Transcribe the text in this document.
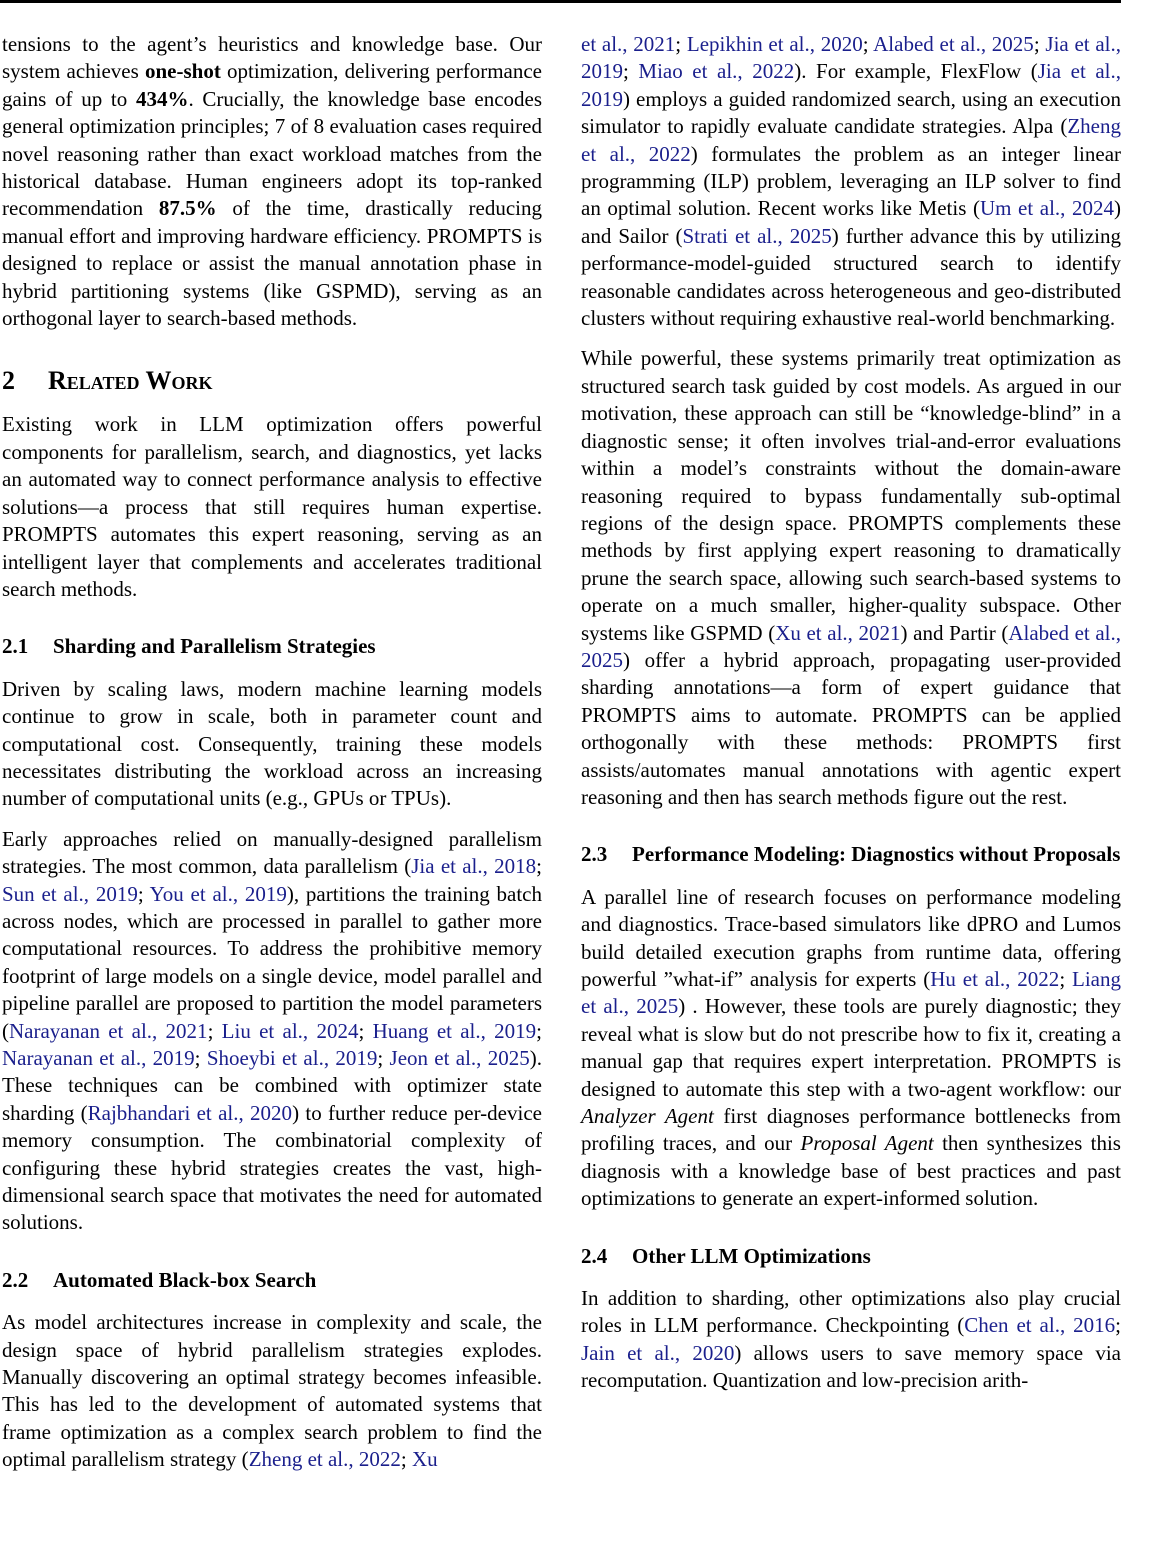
tensions to the agent’s heuristics and knowledge base. Our system achieves one-shot optimization, delivering performance gains of up to 434%. Crucially, the knowledge base encodes general optimization principles; 7 of 8 evaluation cases required novel reasoning rather than exact workload matches from the historical database. Human engineers adopt its top-ranked recommendation 87.5% of the time, drastically reducing manual effort and improving hardware efficiency. PROMPTS is designed to replace or assist the manual annotation phase in hybrid partitioning systems (like GSPMD), serving as an orthogonal layer to search-based methods.

2 Related Work

Existing work in LLM optimization offers powerful components for parallelism, search, and diagnostics, yet lacks an automated way to connect performance analysis to effective solutions—a process that still requires human expertise. PROMPTS automates this expert reasoning, serving as an intelligent layer that complements and accelerates traditional search methods.

2.1	Sharding and Parallelism Strategies

Driven by scaling laws, modern machine learning models continue to grow in scale, both in parameter count and computational cost. Consequently, training these models necessitates distributing the workload across an increasing number of computational units (e.g., GPUs or TPUs).

Early approaches relied on manually-designed parallelism strategies. The most common, data parallelism (Jia et al., 2018; Sun et al., 2019; You et al., 2019), partitions the training batch across nodes, which are processed in parallel to gather more computational resources. To address the prohibitive memory footprint of large models on a single device, model parallel and pipeline parallel are proposed to partition the model parameters (Narayanan et al., 2021; Liu et al., 2024; Huang et al., 2019; Narayanan et al., 2019; Shoeybi et al., 2019; Jeon et al., 2025). These techniques can be combined with optimizer state sharding (Rajbhandari et al., 2020) to further reduce per-device memory consumption. The combinatorial complexity of configuring these hybrid strategies creates the vast, high-dimensional search space that motivates the need for automated solutions.

2.2	Automated Black-box Search

As model architectures increase in complexity and scale, the design space of hybrid parallelism strategies explodes. Manually discovering an optimal strategy becomes infeasible. This has led to the development of automated systems that frame optimization as a complex search problem to find the optimal parallelism strategy (Zheng et al., 2022; Xu

et al., 2021; Lepikhin et al., 2020; Alabed et al., 2025; Jia et al., 2019; Miao et al., 2022). For example, FlexFlow (Jia et al., 2019) employs a guided randomized search, using an execution simulator to rapidly evaluate candidate strategies. Alpa (Zheng et al., 2022) formulates the problem as an integer linear programming (ILP) problem, leveraging an ILP solver to find an optimal solution. Recent works like Metis (Um et al., 2024) and Sailor (Strati et al., 2025) further advance this by utilizing performance-model-guided structured search to identify reasonable candidates across heterogeneous and geo-distributed clusters without requiring exhaustive real-world benchmarking.

While powerful, these systems primarily treat optimization as structured search task guided by cost models. As argued in our motivation, these approach can still be “knowledge-blind” in a diagnostic sense; it often involves trial-and-error evaluations within a model’s constraints without the domain-aware reasoning required to bypass fundamentally sub-optimal regions of the design space. PROMPTS complements these methods by first applying expert reasoning to dramatically prune the search space, allowing such search-based systems to operate on a much smaller, higher-quality subspace. Other systems like GSPMD (Xu et al., 2021) and Partir (Alabed et al., 2025) offer a hybrid approach, propagating user-provided sharding annotations—a form of expert guidance that PROMPTS aims to automate. PROMPTS can be applied orthogonally with these methods: PROMPTS first assists/automates manual annotations with agentic expert reasoning and then has search methods figure out the rest.

2.3	Performance Modeling: Diagnostics without Proposals

A parallel line of research focuses on performance modeling and diagnostics. Trace-based simulators like dPRO and Lumos build detailed execution graphs from runtime data, offering powerful ”what-if” analysis for experts (Hu et al., 2022; Liang et al., 2025) . However, these tools are purely diagnostic; they reveal what is slow but do not prescribe how to fix it, creating a manual gap that requires expert interpretation. PROMPTS is designed to automate this step with a two-agent workflow: our Analyzer Agent first diagnoses performance bottlenecks from profiling traces, and our Proposal Agent then synthesizes this diagnosis with a knowledge base of best practices and past optimizations to generate an expert-informed solution.

2.4	Other LLM Optimizations

In addition to sharding, other optimizations also play crucial roles in LLM performance. Checkpointing (Chen et al., 2016; Jain et al., 2020) allows users to save memory space via recomputation. Quantization and low-precision arith-
